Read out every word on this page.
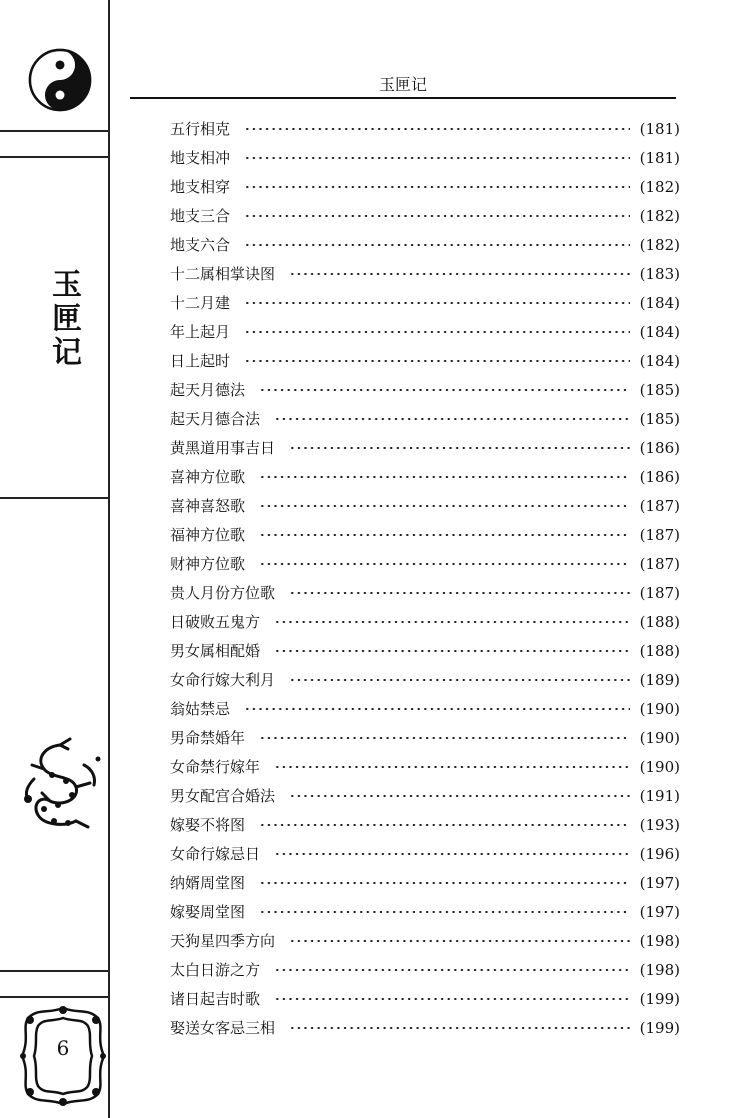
玉匣记
6
玉匣记
五行相克	(181)
地支相冲	(181)
地支相穿	(182)
地支三合	(182)
地支六合	(182)
十二属相掌诀图	(183)
十二月建	(184)
年上起月	(184)
日上起时	(184)
起天月德法	(185)
起天月德合法	(185)
黄黑道用事吉日	(186)
喜神方位歌	(186)
喜神喜怒歌	(187)
福神方位歌	(187)
财神方位歌	(187)
贵人月份方位歌	(187)
日破败五鬼方	(188)
男女属相配婚	(188)
女命行嫁大利月	(189)
翁姑禁忌	(190)
男命禁婚年	(190)
女命禁行嫁年	(190)
男女配宫合婚法	(191)
嫁娶不将图	(193)
女命行嫁忌日	(196)
纳婿周堂图	(197)
嫁娶周堂图	(197)
天狗星四季方向	(198)
太白日游之方	(198)
诸日起吉时歌	(199)
娶送女客忌三相	(199)
